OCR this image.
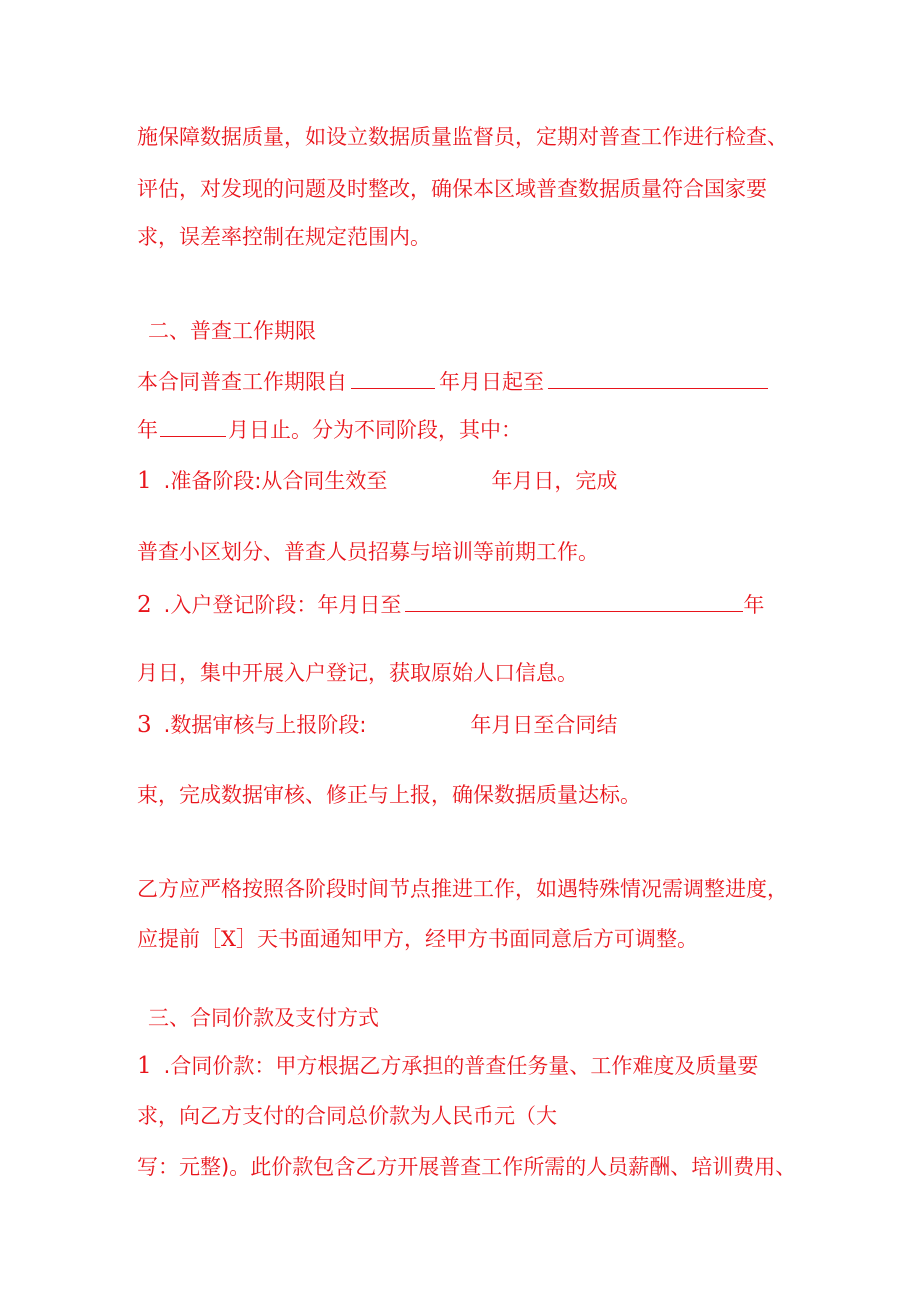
施保障数据质量，如设立数据质量监督员，定期对普查工作进行检查、
评估，对发现的问题及时整改，确保本区域普查数据质量符合国家要
求，误差率控制在规定范围内。
二、普查工作期限
本合同普查工作期限自	年月日起至
年	月日止。分为不同阶段，其中：
1 .准备阶段:从合同生效至	年月日，完成
普查小区划分、普查人员招募与培训等前期工作。
2 .入户登记阶段：年月日至	年
月日，集中开展入户登记，获取原始人口信息。
3 .数据审核与上报阶段:	年月日至合同结
束，完成数据审核、修正与上报，确保数据质量达标。
乙方应严格按照各阶段时间节点推进工作，如遇特殊情况需调整进度，
应提前［X］天书面通知甲方，经甲方书面同意后方可调整。
三、合同价款及支付方式
1 .合同价款：甲方根据乙方承担的普查任务量、工作难度及质量要
求，向乙方支付的合同总价款为人民币元（大
写：元整)。此价款包含乙方开展普查工作所需的人员薪酬、培训费用、
